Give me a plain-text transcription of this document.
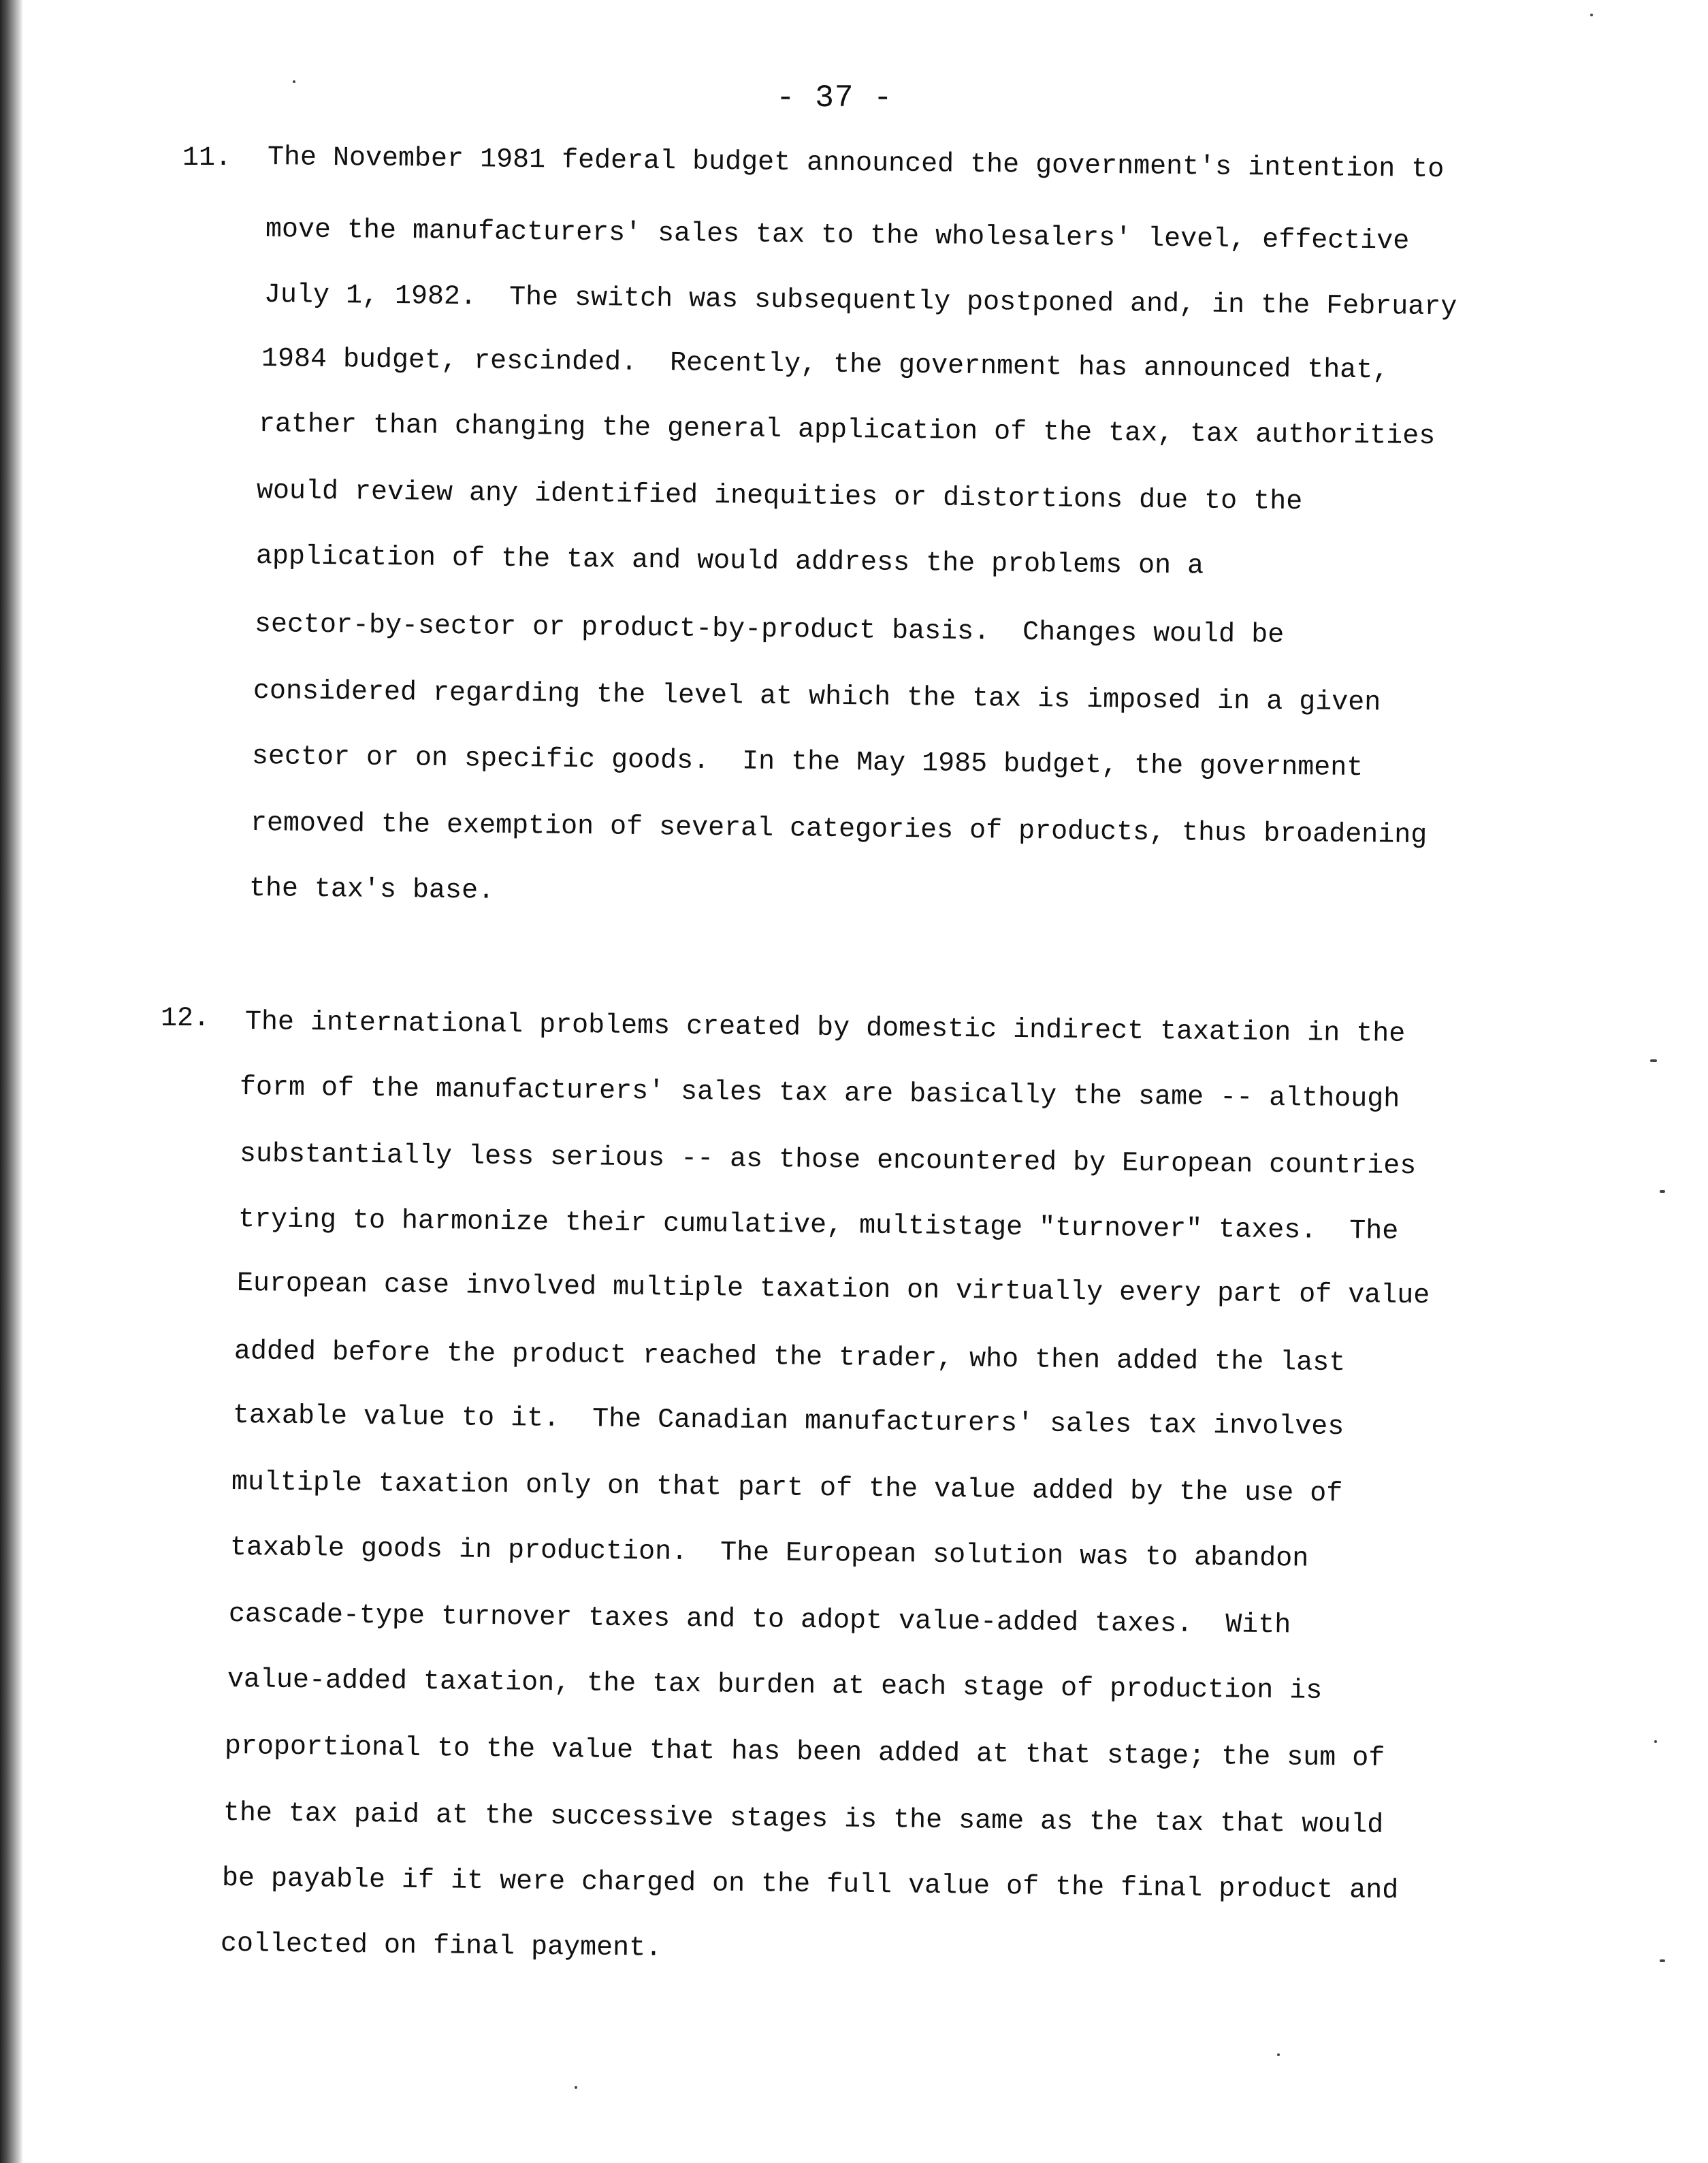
- 37 -
11. The November 1981 federal budget announced the government's intention to
move the manufacturers' sales tax to the wholesalers' level, effective
July 1, 1982.  The switch was subsequently postponed and, in the February
1984 budget, rescinded.  Recently, the government has announced that,
rather than changing the general application of the tax, tax authorities
would review any identified inequities or distortions due to the
application of the tax and would address the problems on a
sector-by-sector or product-by-product basis.  Changes would be
considered regarding the level at which the tax is imposed in a given
sector or on specific goods.  In the May 1985 budget, the government
removed the exemption of several categories of products, thus broadening
the tax's base.
12. The international problems created by domestic indirect taxation in the
form of the manufacturers' sales tax are basically the same -- although
substantially less serious -- as those encountered by European countries
trying to harmonize their cumulative, multistage "turnover" taxes.  The
European case involved multiple taxation on virtually every part of value
added before the product reached the trader, who then added the last
taxable value to it.  The Canadian manufacturers' sales tax involves
multiple taxation only on that part of the value added by the use of
taxable goods in production.  The European solution was to abandon
cascade-type turnover taxes and to adopt value-added taxes.  With
value-added taxation, the tax burden at each stage of production is
proportional to the value that has been added at that stage; the sum of
the tax paid at the successive stages is the same as the tax that would
be payable if it were charged on the full value of the final product and
collected on final payment.
